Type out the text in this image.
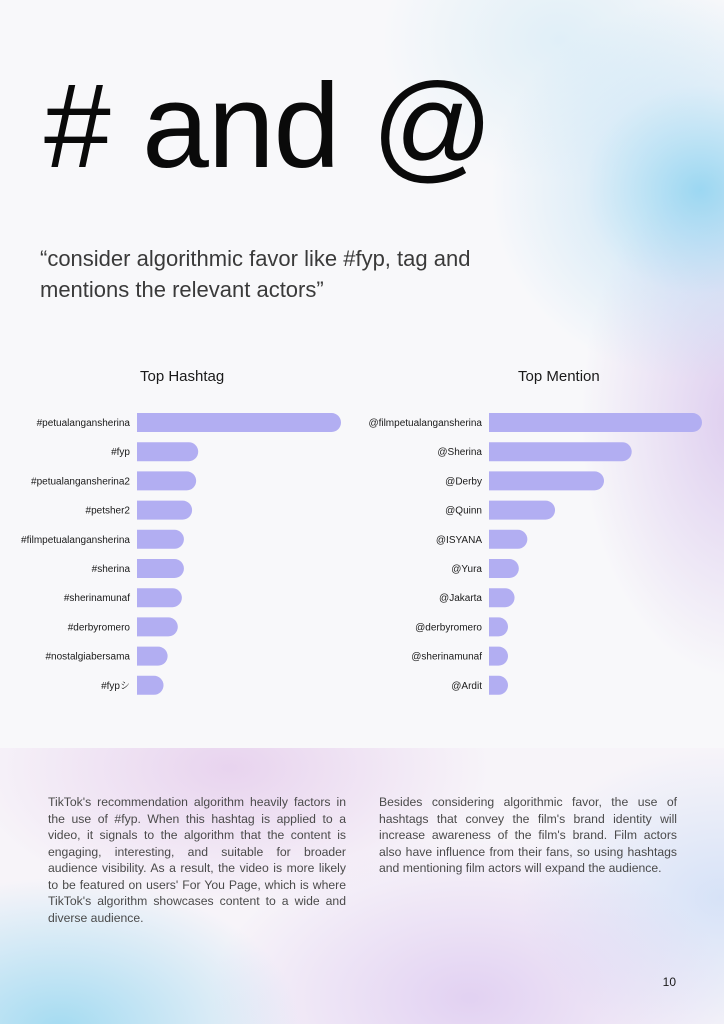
# and @

“consider algorithmic favor like #fyp, tag and mentions the relevant actors”

Top Hashtag	Top Mention
#petualangansherina
#fyp
#petualangansherina2
#petsher2
#filmpetualangansherina
#sherina
#sherinamunaf
#derbyromero
#nostalgiabersama
#fypシ
@filmpetualangansherina
@Sherina
@Derby
@Quinn
@ISYANA
@Yura
@Jakarta
@derbyromero
@sherinamunaf
@Ardit

TikTok's recommendation algorithm heavily factors in the use of #fyp. When this hashtag is applied to a video, it signals to the algorithm that the content is engaging, interesting, and suitable for broader audience visibility. As a result, the video is more likely to be featured on users' For You Page, which is where TikTok's algorithm showcases content to a wide and diverse audience.

Besides considering algorithmic favor, the use of hashtags that convey the film's brand identity will increase awareness of the film's brand. Film actors also have influence from their fans, so using hashtags and mentioning film actors will expand the audience.

10
